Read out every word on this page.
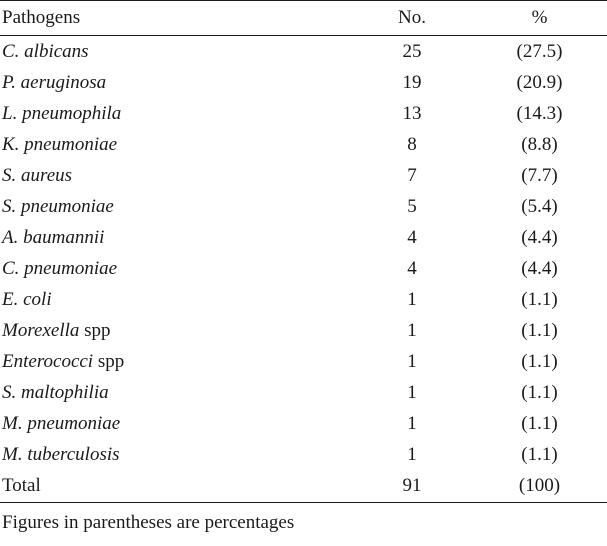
Pathogens	No.	%
C. albicans	25	(27.5)
P. aeruginosa	19	(20.9)
L. pneumophila	13	(14.3)
K. pneumoniae	8	(8.8)
S. aureus	7	(7.7)
S. pneumoniae	5	(5.4)
A. baumannii	4	(4.4)
C. pneumoniae	4	(4.4)
E. coli	1	(1.1)
Morexella spp	1	(1.1)
Enterococci spp	1	(1.1)
S. maltophilia	1	(1.1)
M. pneumoniae	1	(1.1)
M. tuberculosis	1	(1.1)
Total	91	(100)
Figures in parentheses are percentages
